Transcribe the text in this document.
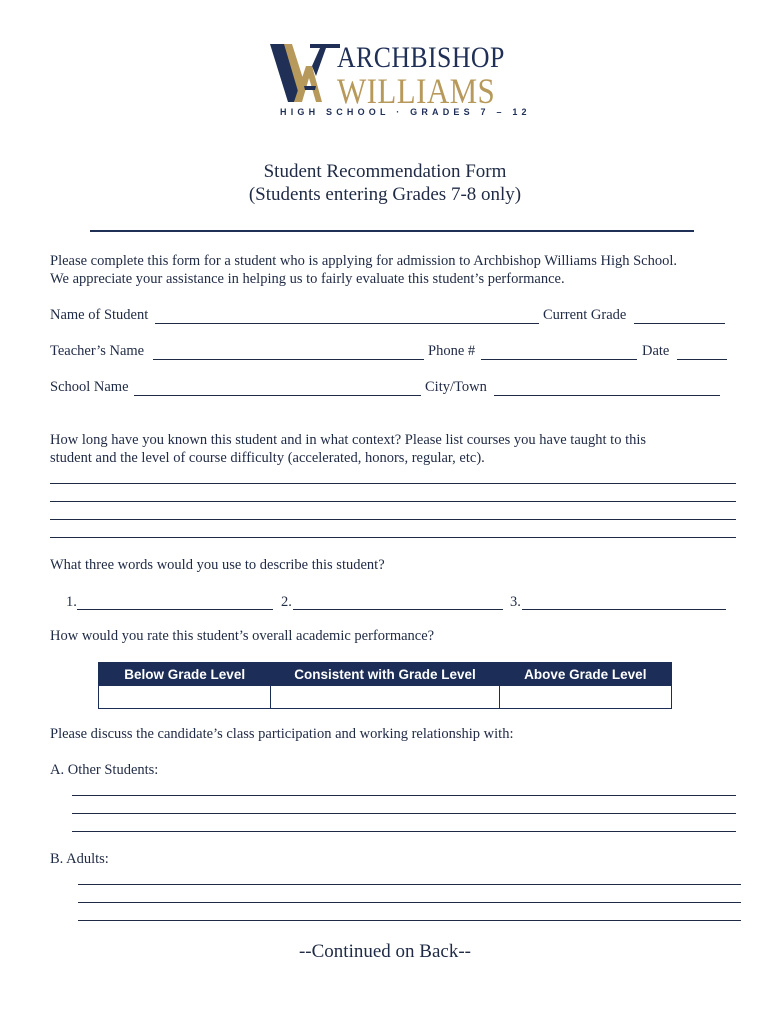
ARCHBISHOP
WILLIAMS
HIGH SCHOOL · GRADES 7 – 12
Student Recommendation Form
(Students entering Grades 7-8 only)
Please complete this form for a student who is applying for admission to Archbishop Williams High School.
We appreciate your assistance in helping us to fairly evaluate this student’s performance.
Name of Student	Current Grade
Teacher’s Name	Phone #	Date
School Name	City/Town
How long have you known this student and in what context? Please list courses you have taught to this
student and the level of course difficulty (accelerated, honors, regular, etc).
What three words would you use to describe this student?
1.	2.	3.
How would you rate this student’s overall academic performance?
Below Grade Level	Consistent with Grade Level	Above Grade Level

Please discuss the candidate’s class participation and working relationship with:
A. Other Students:
B. Adults:
--Continued on Back--
